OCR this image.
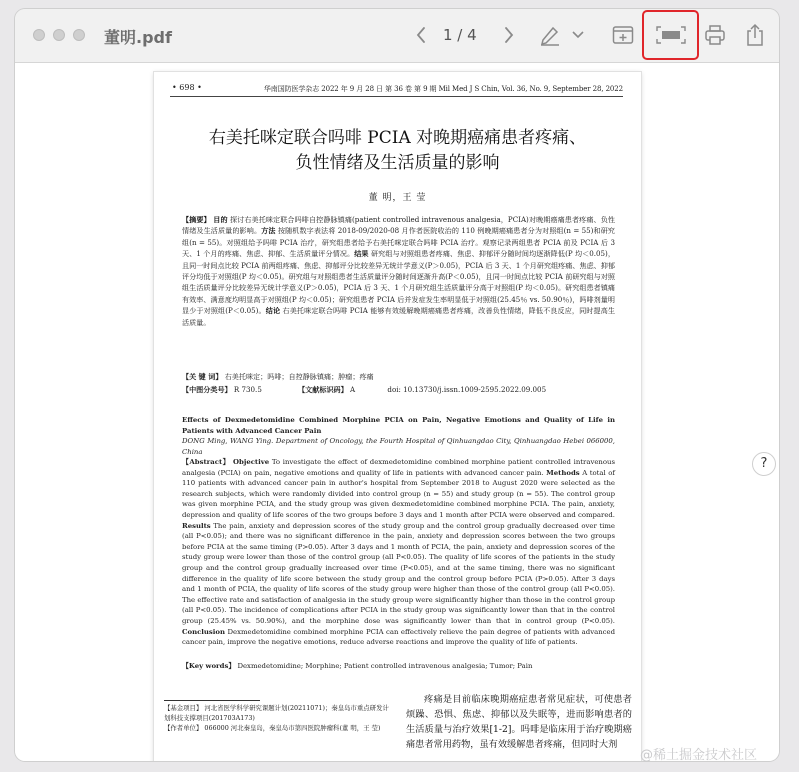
董明.pdf	1 / 4
• 698 •	华南国防医学杂志 2022 年 9 月 28 日 第 36 卷 第 9 期 Mil Med J S Chin, Vol. 36, No. 9, September 28, 2022
右美托咪定联合吗啡 PCIA 对晚期癌痛患者疼痛、
负性情绪及生活质量的影响
董 明，王 莹
【摘要】 目的 探讨右美托咪定联合吗啡自控静脉镇痛(patient controlled intravenous analgesia，PCIA)对晚期癌痛患者疼痛、负性情绪及生活质量的影响。方法 按随机数字表法将 2018-09/2020-08 月作者医院收治的 110 例晚期癌痛患者分为对照组(n = 55)和研究组(n = 55)。对照组给予吗啡 PCIA 治疗，研究组患者给予右美托咪定联合吗啡 PCIA 治疗。观察记录两组患者 PCIA 前及 PCIA 后 3 天、1 个月的疼痛、焦虑、抑郁、生活质量评分情况。结果 研究组与对照组患者疼痛、焦虑、抑郁评分随时间均逐渐降低(P 均＜0.05)，且同一时间点比较 PCIA 前两组疼痛、焦虑、抑郁评分比较差异无统计学意义(P＞0.05)，PCIA 后 3 天、1 个月研究组疼痛、焦虑、抑郁评分均低于对照组(P 均＜0.05)。研究组与对照组患者生活质量评分随时间逐渐升高(P＜0.05)，且同一时间点比较 PCIA 前研究组与对照组生活质量评分比较差异无统计学意义(P＞0.05)，PCIA 后 3 天、1 个月研究组生活质量评分高于对照组(P 均＜0.05)。研究组患者镇痛有效率、满意度均明显高于对照组(P 均＜0.05)；研究组患者 PCIA 后并发症发生率明显低于对照组(25.45％ vs. 50.90％)，吗啡剂量明显少于对照组(P＜0.05)。结论 右美托咪定联合吗啡 PCIA 能够有效缓解晚期癌痛患者疼痛，改善负性情绪，降低不良反应，同时提高生活质量。
【关 键 词】 右美托咪定；吗啡；自控静脉镇痛；肿瘤；疼痛
【中图分类号】 R 730.5	【文献标识码】 A	doi: 10.13730/j.issn.1009-2595.2022.09.005
Effects of Dexmedetomidine Combined Morphine PCIA on Pain, Negative Emotions and Quality of Life in Patients with Advanced Cancer Pain
DONG Ming, WANG Ying. Department of Oncology, the Fourth Hospital of Qinhuangdao City, Qinhuangdao Hebei 066000, China
【Abstract】 Objective To investigate the effect of dexmedetomidine combined morphine patient controlled intravenous analgesia (PCIA) on pain, negative emotions and quality of life in patients with advanced cancer pain. Methods A total of 110 patients with advanced cancer pain in author's hospital from September 2018 to August 2020 were selected as the research subjects, which were randomly divided into control group (n = 55) and study group (n = 55). The control group was given morphine PCIA, and the study group was given dexmedetomidine combined morphine PCIA. The pain, anxiety, depression and quality of life scores of the two groups before 3 days and 1 month after PCIA were observed and compared. Results The pain, anxiety and depression scores of the study group and the control group gradually decreased over time (all P<0.05); and there was no significant difference in the pain, anxiety and depression scores between the two groups before PCIA at the same timing (P>0.05). After 3 days and 1 month of PCIA, the pain, anxiety and depression scores of the study group were lower than those of the control group (all P<0.05). The quality of life scores of the patients in the study group and the control group gradually increased over time (P<0.05), and at the same timing, there was no significant difference in the quality of life score between the study group and the control group before PCIA (P>0.05). After 3 days and 1 month of PCIA, the quality of life scores of the study group were higher than those of the control group (all P<0.05). The effective rate and satisfaction of analgesia in the study group were significantly higher than those in the control group (all P<0.05). The incidence of complications after PCIA in the study group was significantly lower than that in the control group (25.45% vs. 50.90%), and the morphine dose was significantly lower than that in control group (P<0.05). Conclusion Dexmedetomidine combined morphine PCIA can effectively relieve the pain degree of patients with advanced cancer pain, improve the negative emotions, reduce adverse reactions and improve the quality of life of patients.
【Key words】 Dexmedetomidine; Morphine; Patient controlled intravenous analgesia; Tumor; Pain
【基金项目】 河北省医学科学研究课题计划(20211071)；秦皇岛市重点研发计划科技支撑项目(201703A173)
【作者单位】 066000 河北秦皇岛，秦皇岛市第四医院肿瘤科(董 明，王 莹)
疼痛是目前临床晚期癌症患者常见症状，可使患者烦躁、恐惧、焦虑、抑郁以及失眠等，进而影响患者的生活质量与治疗效果[1-2]。吗啡是临床用于治疗晚期癌痛患者常用药物，虽有效缓解患者疼痛，但同时大剂
?
@稀土掘金技术社区
